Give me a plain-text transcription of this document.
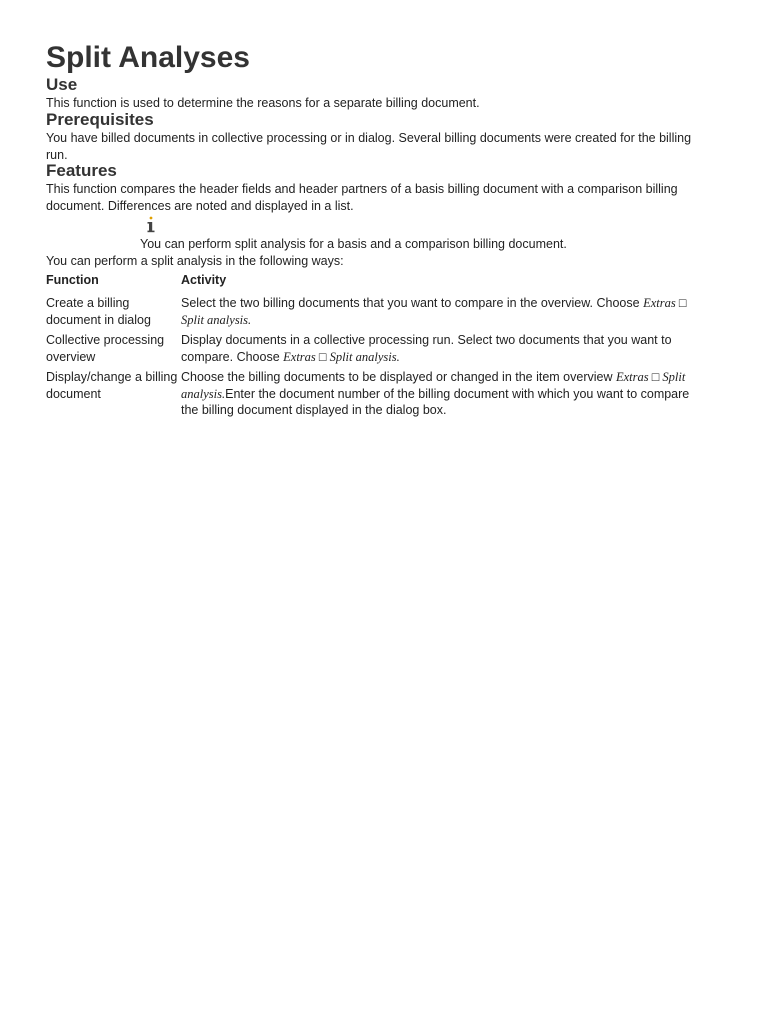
Split Analyses
Use

This function is used to determine the reasons for a separate billing document.

Prerequisites

You have billed documents in collective processing or in dialog. Several billing documents were created for the billing run.

Features

This function compares the header fields and header partners of a basis billing document with a comparison billing document. Differences are noted and displayed in a list.

You can perform split analysis for a basis and a comparison billing document.

You can perform a split analysis in the following ways:

Function	Activity
Create a billing document in dialog	Select the two billing documents that you want to compare in the overview. Choose Extras □ Split analysis.
Collective processing overview	Display documents in a collective processing run. Select two documents that you want to compare. Choose Extras □ Split analysis.
Display/change a billing document	Choose the billing documents to be displayed or changed in the item overview Extras □ Split analysis.Enter the document number of the billing document with which you want to compare the billing document displayed in the dialog box.
